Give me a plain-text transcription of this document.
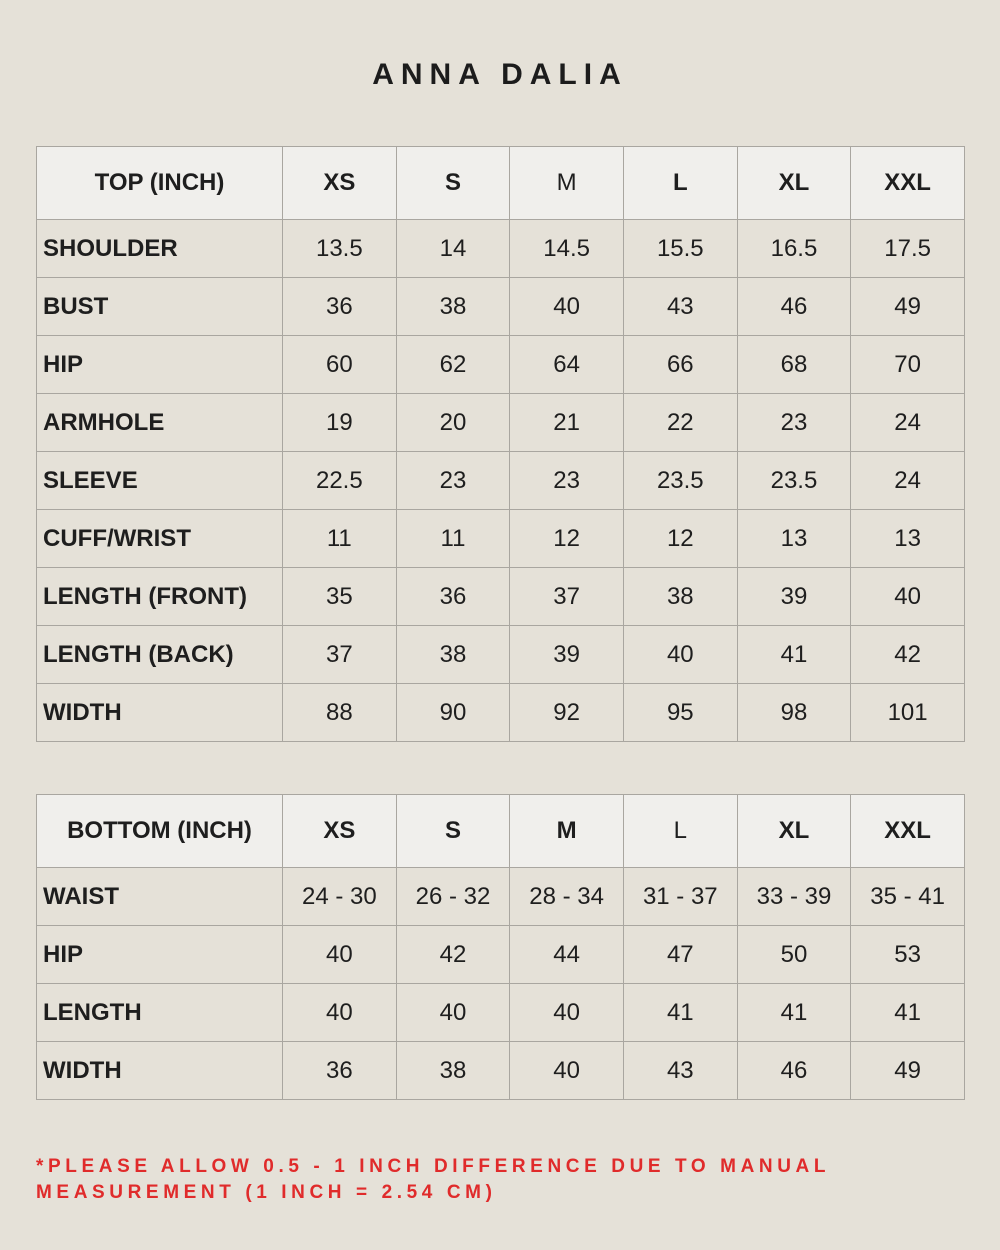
ANNA DALIA
TOP (INCH)	XS	S	M	L	XL	XXL
SHOULDER	13.5	14	14.5	15.5	16.5	17.5
BUST	36	38	40	43	46	49
HIP	60	62	64	66	68	70
ARMHOLE	19	20	21	22	23	24
SLEEVE	22.5	23	23	23.5	23.5	24
CUFF/WRIST	11	11	12	12	13	13
LENGTH (FRONT)	35	36	37	38	39	40
LENGTH (BACK)	37	38	39	40	41	42
WIDTH	88	90	92	95	98	101
BOTTOM (INCH)	XS	S	M	L	XL	XXL
WAIST	24 - 30	26 - 32	28 - 34	31 - 37	33 - 39	35 - 41
HIP	40	42	44	47	50	53
LENGTH	40	40	40	41	41	41
WIDTH	36	38	40	43	46	49
*PLEASE ALLOW 0.5 - 1 INCH DIFFERENCE DUE TO MANUAL
MEASUREMENT (1 INCH = 2.54 CM)
